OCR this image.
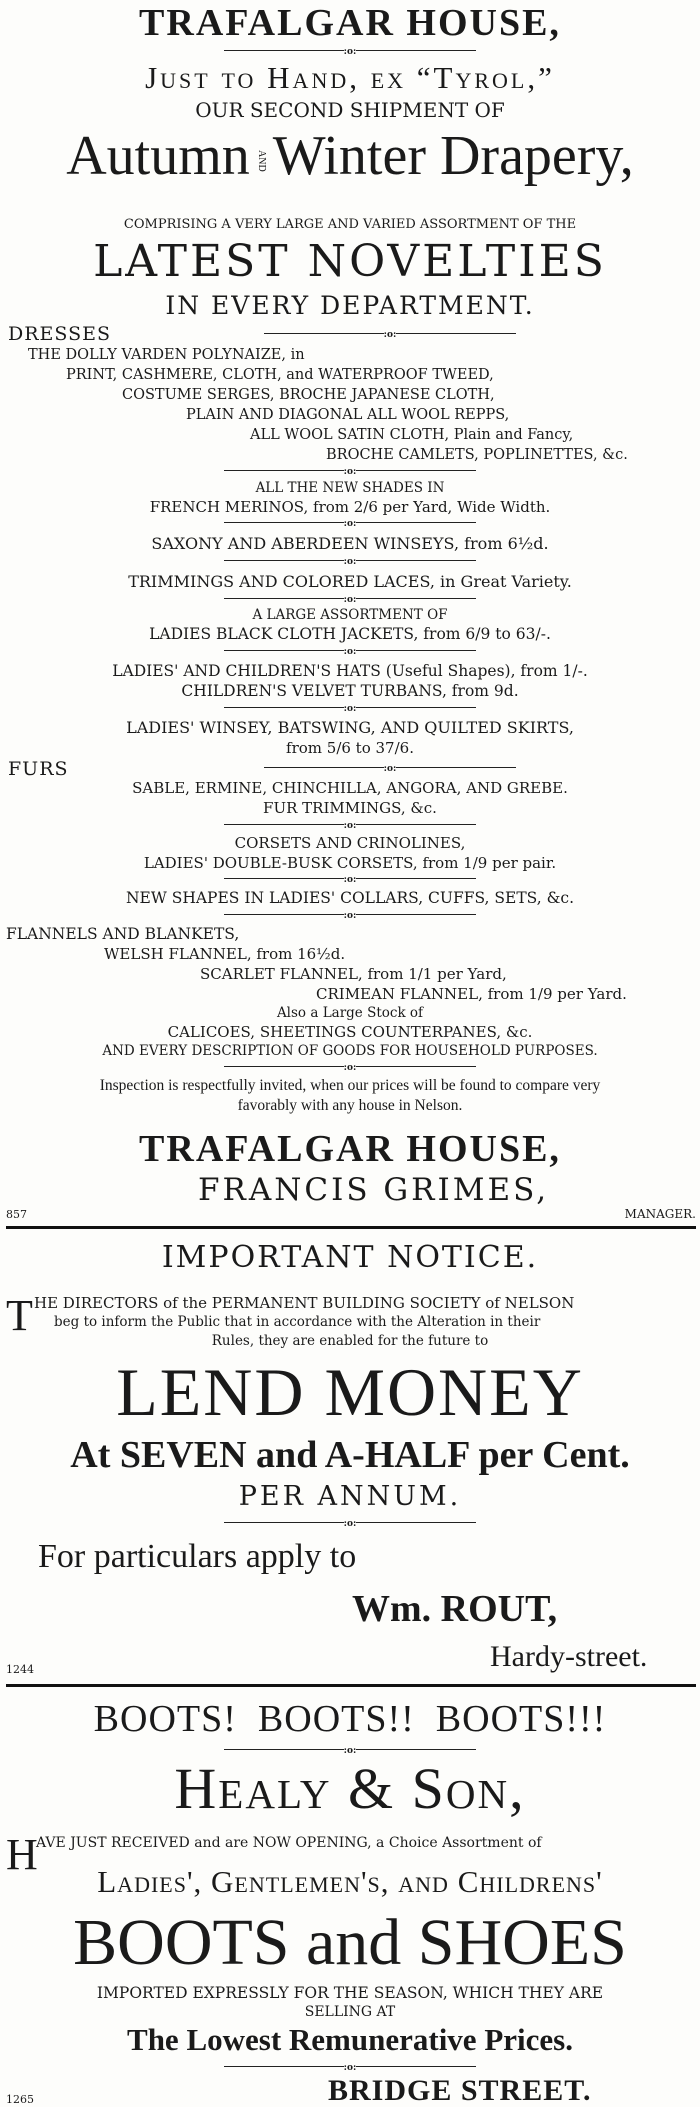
TRAFALGAR HOUSE,
:o:
Just to Hand, ex “Tyrol,”
OUR SECOND SHIPMENT OF
Autumn AND Winter Drapery,
COMPRISING A VERY LARGE AND VARIED ASSORTMENT OF THE
LATEST NOVELTIES
IN EVERY DEPARTMENT.
DRESSES	:o:
THE DOLLY VARDEN POLYNAIZE, in
PRINT, CASHMERE, CLOTH, and WATERPROOF TWEED,
COSTUME SERGES, BROCHE JAPANESE CLOTH,
PLAIN AND DIAGONAL ALL WOOL REPPS,
ALL WOOL SATIN CLOTH, Plain and Fancy,
BROCHE CAMLETS, POPLINETTES, &c.
:o:
ALL THE NEW SHADES IN
FRENCH MERINOS, from 2/6 per Yard, Wide Width.
:o:
SAXONY AND ABERDEEN WINSEYS, from 6½d.
:o:
TRIMMINGS AND COLORED LACES, in Great Variety.
:o:
A LARGE ASSORTMENT OF
LADIES BLACK CLOTH JACKETS, from 6/9 to 63/-.
:o:
LADIES' AND CHILDREN'S HATS (Useful Shapes), from 1/-.
CHILDREN'S VELVET TURBANS, from 9d.
:o:
LADIES' WINSEY, BATSWING, AND QUILTED SKIRTS,
from 5/6 to 37/6.
FURS	:o:
SABLE, ERMINE, CHINCHILLA, ANGORA, AND GREBE.
FUR TRIMMINGS, &c.
:o:
CORSETS AND CRINOLINES,
LADIES' DOUBLE-BUSK CORSETS, from 1/9 per pair.
:o:
NEW SHAPES IN LADIES' COLLARS, CUFFS, SETS, &c.
:o:
FLANNELS AND BLANKETS,
WELSH FLANNEL, from 16½d.
SCARLET FLANNEL, from 1/1 per Yard,
CRIMEAN FLANNEL, from 1/9 per Yard.
Also a Large Stock of
CALICOES, SHEETINGS COUNTERPANES, &c.
AND EVERY DESCRIPTION OF GOODS FOR HOUSEHOLD PURPOSES.
:o:
Inspection is respectfully invited, when our prices will be found to compare very
favorably with any house in Nelson.
TRAFALGAR HOUSE,
FRANCIS GRIMES,
857	MANAGER.
IMPORTANT NOTICE.
T HE DIRECTORS of the PERMANENT BUILDING SOCIETY of NELSON
beg to inform the Public that in accordance with the Alteration in their
Rules, they are enabled for the future to
LEND MONEY
At SEVEN and A-HALF per Cent.
PER ANNUM.
:o:
For particulars apply to
Wm. ROUT,
1244	Hardy-street.
BOOTS!  BOOTS!!  BOOTS!!!
:o:
Healy & Son,
H
AVE JUST RECEIVED and are NOW OPENING, a Choice Assortment of
Ladies', Gentlemen's, and Childrens'
BOOTS and SHOES
IMPORTED EXPRESSLY FOR THE SEASON, WHICH THEY ARE
SELLING AT
The Lowest Remunerative Prices.
:o:
1265	BRIDGE STREET.
